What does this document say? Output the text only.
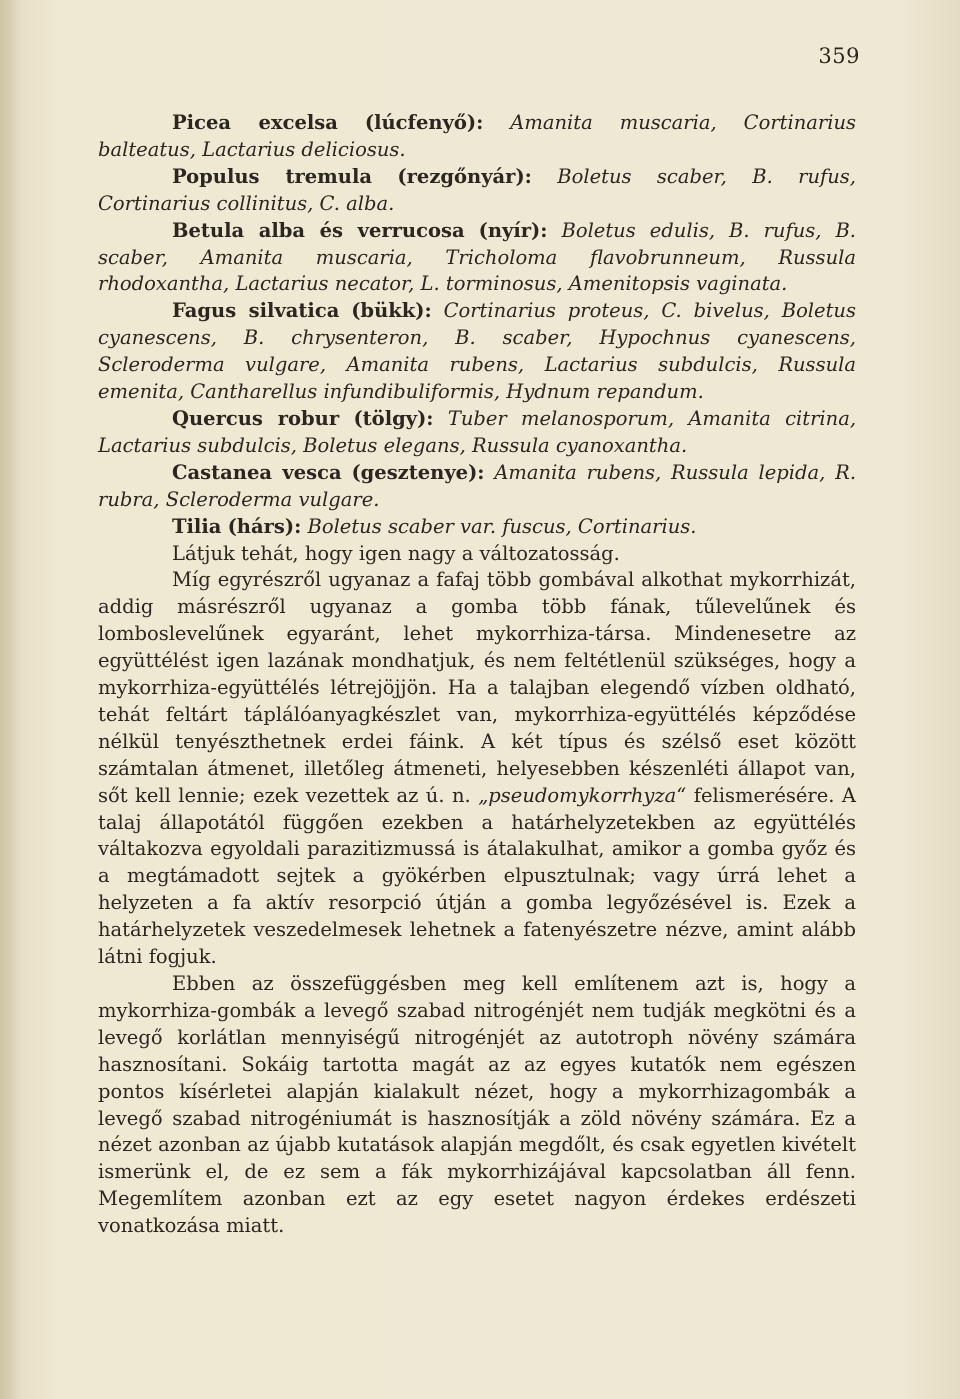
359

Picea excelsa (lúcfenyő): Amanita muscaria, Cortinarius balteatus, Lactarius deliciosus.

Populus tremula (rezgőnyár): Boletus scaber, B. rufus, Cortinarius collinitus, C. alba.

Betula alba és verrucosa (nyír): Boletus edulis, B. rufus, B. scaber, Amanita muscaria, Tricholoma flavobrunneum, Russula rhodoxantha, Lactarius necator, L. torminosus, Amenitopsis vaginata.

Fagus silvatica (bükk): Cortinarius proteus, C. bivelus, Boletus cyanescens, B. chrysenteron, B. scaber, Hypochnus cyanescens, Scleroderma vulgare, Amanita rubens, Lactarius subdulcis, Russula emenita, Cantharellus infundibuliformis, Hydnum repandum.

Quercus robur (tölgy): Tuber melanosporum, Amanita citrina, Lactarius subdulcis, Boletus elegans, Russula cyanoxantha.

Castanea vesca (gesztenye): Amanita rubens, Russula lepida, R. rubra, Scleroderma vulgare.

Tilia (hárs): Boletus scaber var. fuscus, Cortinarius.

Látjuk tehát, hogy igen nagy a változatosság.

Míg egyrészről ugyanaz a fafaj több gombával alkothat mykorrhizát, addig másrészről ugyanaz a gomba több fának, tűlevelűnek és lomboslevelűnek egyaránt, lehet mykorrhiza-társa. Mindenesetre az együttélést igen lazának mondhatjuk, és nem feltétlenül szükséges, hogy a mykorrhiza-együttélés létrejöjjön. Ha a talajban elegendő vízben oldható, tehát feltárt táplálóanyagkészlet van, mykorrhiza-együttélés képződése nélkül tenyészthetnek erdei fáink. A két típus és szélső eset között számtalan átmenet, illetőleg átmeneti, helyesebben készenléti állapot van, sőt kell lennie; ezek vezettek az ú. n. „pseudomykorrhyza“ felismerésére. A talaj állapotától függően ezekben a határhelyzetekben az együttélés váltakozva egyoldali parazitizmussá is átalakulhat, amikor a gomba győz és a megtámadott sejtek a gyökérben elpusztulnak; vagy úrrá lehet a helyzeten a fa aktív resorpció útján a gomba legyőzésével is. Ezek a határhelyzetek veszedelmesek lehetnek a fatenyészetre nézve, amint alább látni fogjuk.

Ebben az összefüggésben meg kell említenem azt is, hogy a mykorrhiza-gombák a levegő szabad nitrogénjét nem tudják megkötni és a levegő korlátlan mennyiségű nitrogénjét az autotroph növény számára hasznosítani. Sokáig tartotta magát az az egyes kutatók nem egészen pontos kísérletei alapján kialakult nézet, hogy a mykorrhizagombák a levegő szabad nitrogéniumát is hasznosítják a zöld növény számára. Ez a nézet azonban az újabb kutatások alapján megdőlt, és csak egyetlen kivételt ismerünk el, de ez sem a fák mykorrhizájával kapcsolatban áll fenn. Megemlítem azonban ezt az egy esetet nagyon érdekes erdészeti vonatkozása miatt.
